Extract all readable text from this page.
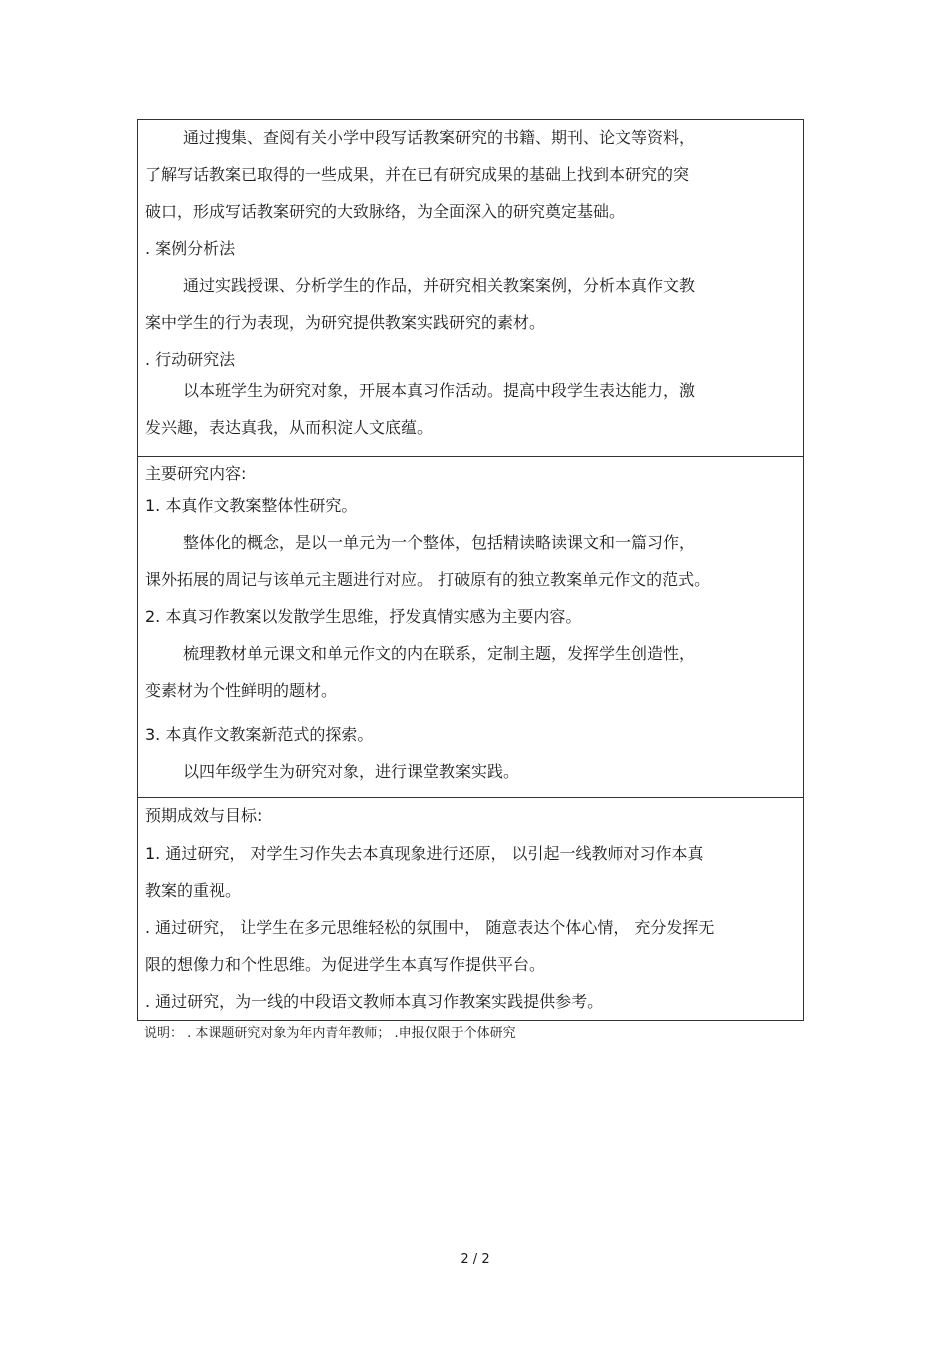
通过搜集、查阅有关小学中段写话教案研究的书籍、期刊、论文等资料，
了解写话教案已取得的一些成果，并在已有研究成果的基础上找到本研究的突
破口，形成写话教案研究的大致脉络，为全面深入的研究奠定基础。
. 案例分析法
通过实践授课、分析学生的作品，并研究相关教案案例，分析本真作文教
案中学生的行为表现，为研究提供教案实践研究的素材。
. 行动研究法
以本班学生为研究对象，开展本真习作活动。提高中段学生表达能力，激
发兴趣，表达真我，从而积淀人文底蕴。
主要研究内容:
1. 本真作文教案整体性研究。
整体化的概念，是以一单元为一个整体，包括精读略读课文和一篇习作，
课外拓展的周记与该单元主题进行对应。 打破原有的独立教案单元作文的范式。
2. 本真习作教案以发散学生思维，抒发真情实感为主要内容。
梳理教材单元课文和单元作文的内在联系，定制主题，发挥学生创造性，
变素材为个性鲜明的题材。
3. 本真作文教案新范式的探索。
以四年级学生为研究对象，进行课堂教案实践。
预期成效与目标:
1. 通过研究， 对学生习作失去本真现象进行还原， 以引起一线教师对习作本真
教案的重视。
. 通过研究， 让学生在多元思维轻松的氛围中， 随意表达个体心情， 充分发挥无
限的想像力和个性思维。为促进学生本真写作提供平台。
. 通过研究，为一线的中段语文教师本真习作教案实践提供参考。
说明： . 本课题研究对象为年内青年教师； .申报仅限于个体研究
2 / 2
